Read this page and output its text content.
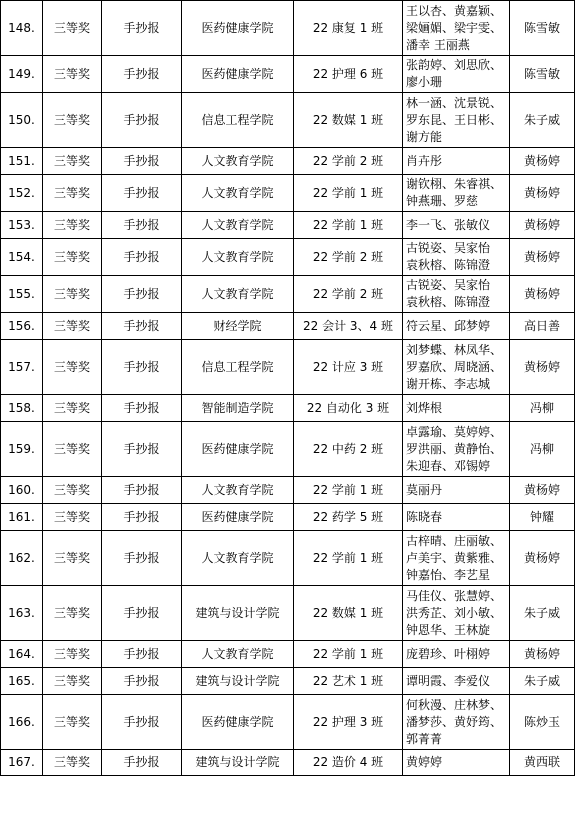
148.	三等奖	手抄报	医药健康学院	22 康复 1 班	王以杏、黄嘉颖、
梁婳媚、梁宇雯、
潘幸 王丽燕	陈雪敏
149.	三等奖	手抄报	医药健康学院	22 护理 6 班	张韵婷、刘思欣、
廖小珊	陈雪敏
150.	三等奖	手抄报	信息工程学院	22 数媒 1 班	林一涵、沈景锐、
罗东昆、王日彬、
谢方能	朱子威
151.	三等奖	手抄报	人文教育学院	22 学前 2 班	肖卉彤	黄杨婷
152.	三等奖	手抄报	人文教育学院	22 学前 1 班	谢钦栩、朱睿祺、
钟燕珊、罗慈	黄杨婷
153.	三等奖	手抄报	人文教育学院	22 学前 1 班	李一飞、张敏仪	黄杨婷
154.	三等奖	手抄报	人文教育学院	22 学前 2 班	古锐姿、吴家怡
袁秋榕、陈锦澄	黄杨婷
155.	三等奖	手抄报	人文教育学院	22 学前 2 班	古锐姿、吴家怡
袁秋榕、陈锦澄	黄杨婷
156.	三等奖	手抄报	财经学院	22 会计 3、4 班	符云星、邱梦婷	高日善
157.	三等奖	手抄报	信息工程学院	22 计应 3 班	刘梦蝶、林凤华、
罗嘉欣、周晓涵、
谢开栋、李志城	黄杨婷
158.	三等奖	手抄报	智能制造学院	22 自动化 3 班	刘烨根	冯柳
159.	三等奖	手抄报	医药健康学院	22 中药 2 班	卓露瑜、莫婷婷、
罗洪丽、黄静怡、
朱迎春、邓锡婷	冯柳
160.	三等奖	手抄报	人文教育学院	22 学前 1 班	莫丽丹	黄杨婷
161.	三等奖	手抄报	医药健康学院	22 药学 5 班	陈晓春	钟耀
162.	三等奖	手抄报	人文教育学院	22 学前 1 班	古梓晴、庄丽敏、
卢美宇、黄紫雅、
钟嘉怡、李艺星	黄杨婷
163.	三等奖	手抄报	建筑与设计学院	22 数媒 1 班	马佳仪、张慧婷、
洪秀芷、刘小敏、
钟恩华、王林旋	朱子威
164.	三等奖	手抄报	人文教育学院	22 学前 1 班	庞碧珍、叶栩婷	黄杨婷
165.	三等奖	手抄报	建筑与设计学院	22 艺术 1 班	谭明霞、李爱仪	朱子威
166.	三等奖	手抄报	医药健康学院	22 护理 3 班	何秋漫、庄林梦、
潘梦莎、黄妤筠、
郭菁菁	陈炒玉
167.	三等奖	手抄报	建筑与设计学院	22 造价 4 班	黄婷婷	黄西联
